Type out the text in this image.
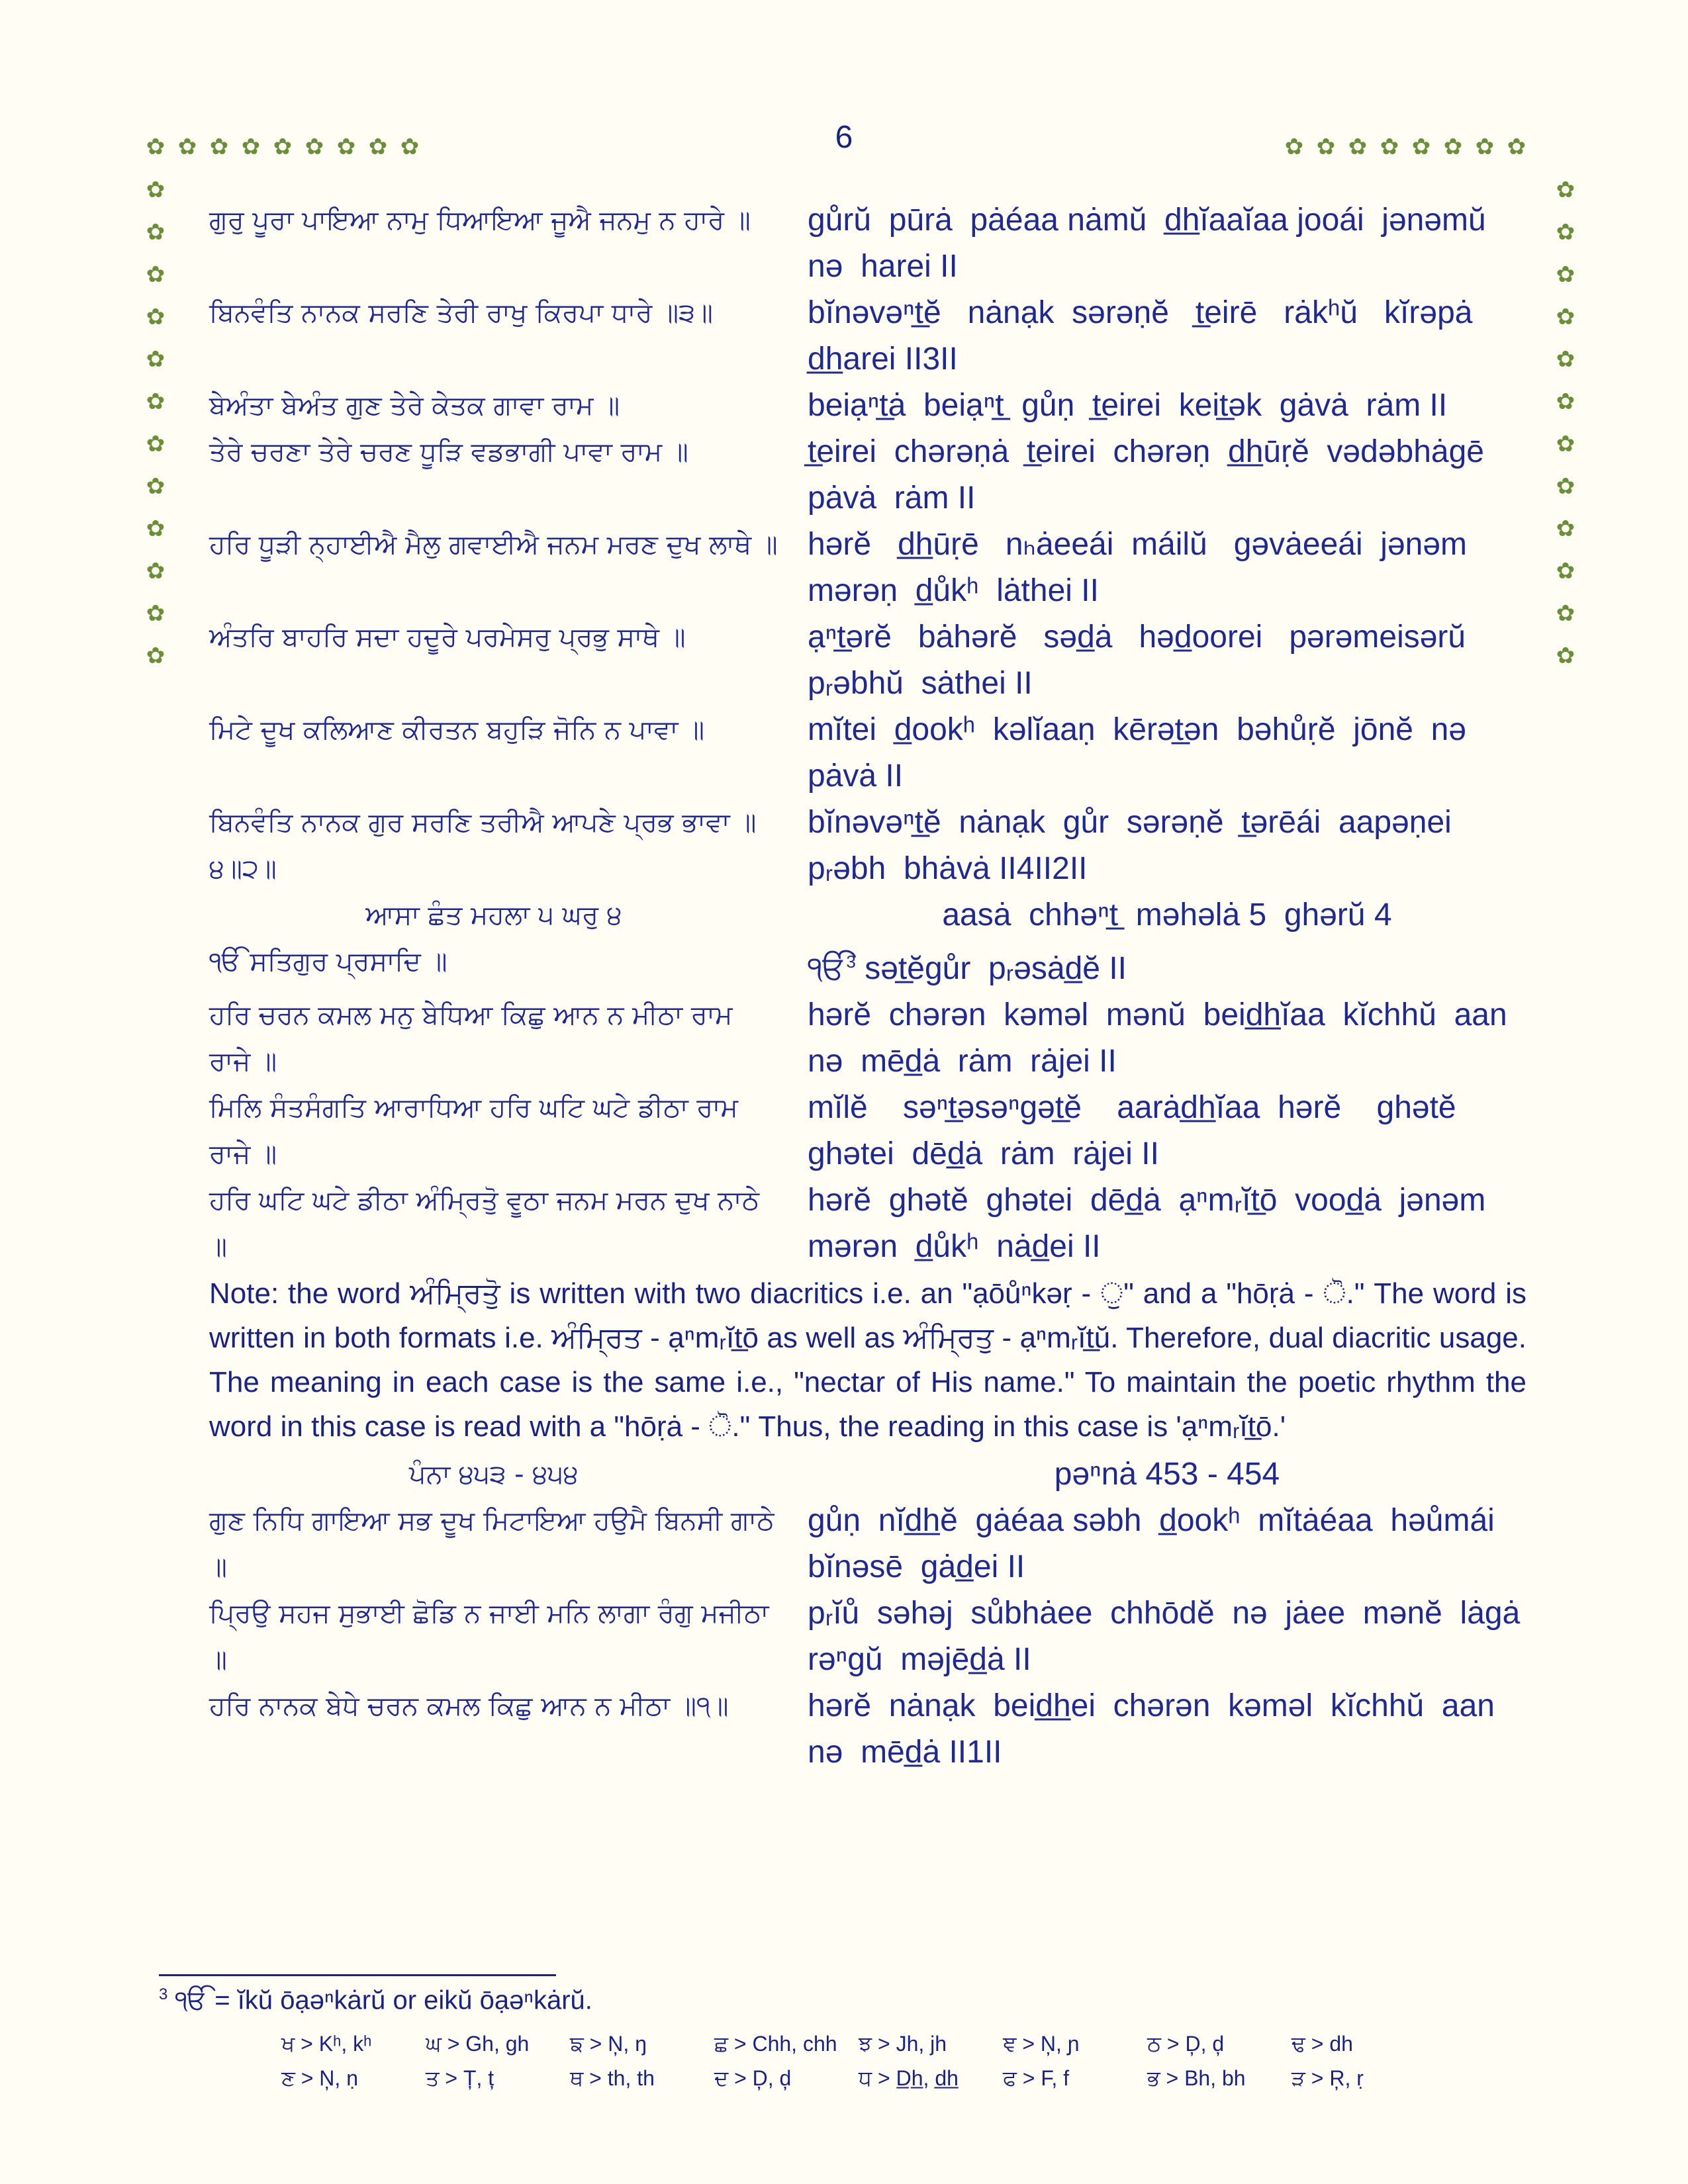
6
✿ ✿ ✿ ✿ ✿ ✿ ✿ ✿ ✿	✿ ✿ ✿ ✿ ✿ ✿ ✿ ✿
✿
✿
✿
✿
✿
✿
✿
✿
✿
✿
✿
✿
✿
✿
✿
✿
✿
✿
✿
✿
✿
✿
✿
✿
ਗੁਰੁ ਪੂਰਾ ਪਾਇਆ ਨਾਮੁ ਧਿਆਇਆ ਜੂਐ ਜਨਮੁ ਨ ਹਾਰੇ ॥	gůrŭ  pūrȧ  pȧéaa nȧmŭ  d̲h̲ĭaaĭaa jooái  jənəmŭ  nə  harei II
ਬਿਨਵੰਤਿ ਨਾਨਕ ਸਰਣਿ ਤੇਰੀ ਰਾਖੁ ਕਿਰਪਾ ਧਾਰੇ ॥੩॥	bĭnəvəⁿt̲ĕ   nȧnạk  sərəṇĕ   t̲eirē   rȧkʰŭ   kĭrəpȧ  d̲h̲arei II3II
ਬੇਅੰਤਾ ਬੇਅੰਤ ਗੁਣ ਤੇਰੇ ਕੇਤਕ ਗਾਵਾ ਰਾਮ ॥	beiạⁿt̲ȧ  beiạⁿt̲  gůṇ  t̲eirei  keit̲ək  gȧvȧ  rȧm II
ਤੇਰੇ ਚਰਣਾ ਤੇਰੇ ਚਰਣ ਧੂੜਿ ਵਡਭਾਗੀ ਪਾਵਾ ਰਾਮ ॥	t̲eirei  chərəṇȧ  t̲eirei  chərəṇ  d̲h̲ūṛĕ  vədəbhȧgē  pȧvȧ  rȧm II
ਹਰਿ ਧੂੜੀ ਨ੍ਹਾਈਐ ਮੈਲੁ ਗਵਾਈਐ ਜਨਮ ਮਰਣ ਦੁਖ ਲਾਥੇ ॥ hərĕ   d̲h̲ūṛē   nₕȧeeái  máilŭ   gəvȧeeái  jənəm  mərəṇ  d̲ůkʰ  lȧthei II
ਅੰਤਰਿ ਬਾਹਰਿ ਸਦਾ ਹਦੂਰੇ ਪਰਮੇਸਰੁ ਪ੍ਰਭੁ ਸਾਥੇ ॥	ạⁿt̲ərĕ   bȧhərĕ   səd̲ȧ   həd̲oorei   pərəmeisərŭ  pᵣəbhŭ  sȧthei II
ਮਿਟੇ ਦੂਖ ਕਲਿਆਣ ਕੀਰਤਨ ਬਹੁੜਿ ਜੋਨਿ ਨ ਪਾਵਾ ॥	mĭtei  d̲ookʰ  kəlĭaaṇ  kērət̲ən  bəhůṛĕ  jōnĕ  nə  pȧvȧ II
ਬਿਨਵੰਤਿ ਨਾਨਕ ਗੁਰ ਸਰਣਿ ਤਰੀਐ ਆਪਣੇ ਪ੍ਰਭ ਭਾਵਾ ॥੪॥੨॥
bĭnəvəⁿt̲ĕ  nȧnạk  gůr  sərəṇĕ  t̲ərēái  aapəṇei  pᵣəbh  bhȧvȧ II4II2II
ਆਸਾ ਛੰਤ ਮਹਲਾ ੫ ਘਰੁ ੪	aasȧ  chhəⁿt̲  məhəlȧ 5  ghərŭ 4
ੴ ਸਤਿਗੁਰ ਪ੍ਰਸਾਦਿ ॥	ੴ$^3$ sət̲ĕgůr  pᵣəsȧd̲ĕ II
ਹਰਿ ਚਰਨ ਕਮਲ ਮਨੁ ਬੇਧਿਆ ਕਿਛੁ ਆਨ ਨ ਮੀਠਾ ਰਾਮ ਰਾਜੇ ॥
hərĕ  chərən  kəməl  mənŭ  beid̲h̲ĭaa  kĭchhŭ  aan  nə  mēd̲ȧ  rȧm  rȧjei II
ਮਿਲਿ ਸੰਤਸੰਗਤਿ ਆਰਾਧਿਆ ਹਰਿ ਘਟਿ ਘਟੇ ਡੀਠਾ ਰਾਮ ਰਾਜੇ ॥
mĭlĕ    səⁿt̲əsəⁿgət̲ĕ    aarȧd̲h̲ĭaa  hərĕ    ghətĕ  ghətei  dēd̲ȧ  rȧm  rȧjei II
ਹਰਿ ਘਟਿ ਘਟੇ ਡੀਠਾ ਅੰਮ੍ਰਿਤੋੁ ਵੂਠਾ ਜਨਮ ਮਰਨ ਦੁਖ ਨਾਠੇ ॥
hərĕ  ghətĕ  ghətei  dēd̲ȧ  ạⁿmᵣĭt̲ō  vood̲ȧ  jənəm  mərən  d̲ůkʰ  nȧd̲ei II
Note: the word ਅੰਮ੍ਰਿਤੋੁ is written with two diacritics i.e. an "ạōůⁿkəṛ - ੁ" and a "hōṛȧ - ੋ." The word is written in both formats i.e. ਅੰਮ੍ਰਿਤ - ạⁿmᵣĭt̲ō as well as ਅੰਮ੍ਰਿਤੁ - ạⁿmᵣĭt̲ŭ. Therefore, dual diacritic usage. The meaning in each case is the same i.e., "nectar of His name." To maintain the poetic rhythm the word in this case is read with a "hōṛȧ - ੋ." Thus, the reading in this case is 'ạⁿmᵣĭt̲ō.'
ਪੰਨਾ ੪੫੩ - ੪੫੪	pəⁿnȧ 453 - 454
ਗੁਣ ਨਿਧਿ ਗਾਇਆ ਸਭ ਦੂਖ ਮਿਟਾਇਆ ਹਉਮੈ ਬਿਨਸੀ ਗਾਠੇ ॥
gůṇ  nĭd̲h̲ĕ  gȧéaa səbh  d̲ookʰ  mĭtȧéaa  həůmái  bĭnəsē  gȧd̲ei II
ਪ੍ਰਿਉ ਸਹਜ ਸੁਭਾਈ ਛੋਡਿ ਨ ਜਾਈ ਮਨਿ ਲਾਗਾ ਰੰਗੁ ਮਜੀਠਾ ॥
pᵣĭů  səhəj  sůbhȧee  chhōdĕ  nə  jȧee  mənĕ  lȧgȧ  rəⁿgŭ  məjēd̲ȧ II
ਹਰਿ ਨਾਨਕ ਬੇਧੇ ਚਰਨ ਕਮਲ ਕਿਛੁ ਆਨ ਨ ਮੀਠਾ ॥੧॥	hərĕ  nȧnạk  beid̲h̲ei  chərən  kəməl  kĭchhŭ  aan  nə  mēd̲ȧ II1II
$^3$ ੴ = ĭkŭ ōạəⁿkȧrŭ or eikŭ ōạəⁿkȧrŭ.
ਖ > Kʰ, kʰ	ਘ > Gh, gh	ਙ > N̦, ŋ	ਛ > Chh, chh	ਝ > Jh, jh	ਞ > N̦, ɲ	ਠ > D̦, d̦	ਢ > dh
ਣ > N̦, ṇ	ਤ > Ț, ț	ਥ > th, th	ਦ > D̦, d̦	ਧ > D̲h̲, d̲h̲	ਫ > F, f	ਭ > Bh, bh	ੜ > R̦, ṛ
